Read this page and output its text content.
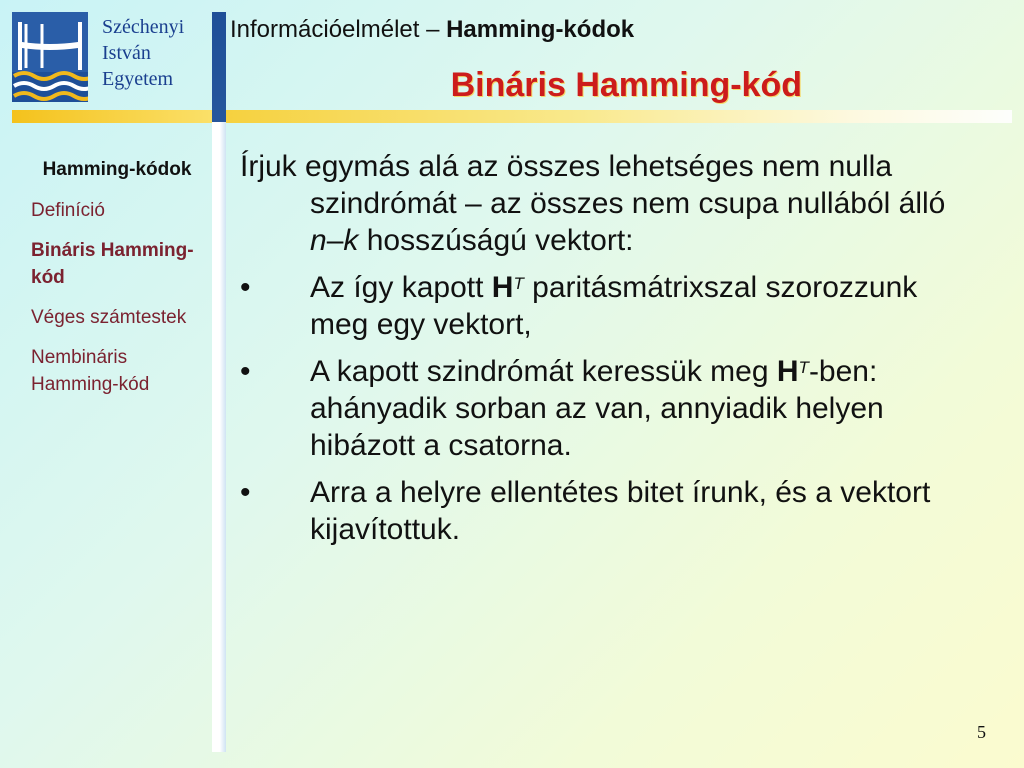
Széchenyi
István
Egyetem
Információelmélet – Hamming-kódok
Bináris Hamming-kód
Hamming-kódok
Definíció
Bináris Hamming-kód
Véges számtestek
Nembináris Hamming-kód
Írjuk egymás alá az összes lehetséges nem nulla szindrómát – az összes nem csupa nullából álló n–k hosszúságú vektort:
•	Az így kapott $H^T$ paritásmátrixszal szorozzunk meg egy vektort,
•	A kapott szindrómát keressük meg $H^T$-ben: ahányadik sorban az van, annyiadik helyen hibázott a csatorna.
•	Arra a helyre ellentétes bitet írunk, és a vektort kijavítottuk.
5
